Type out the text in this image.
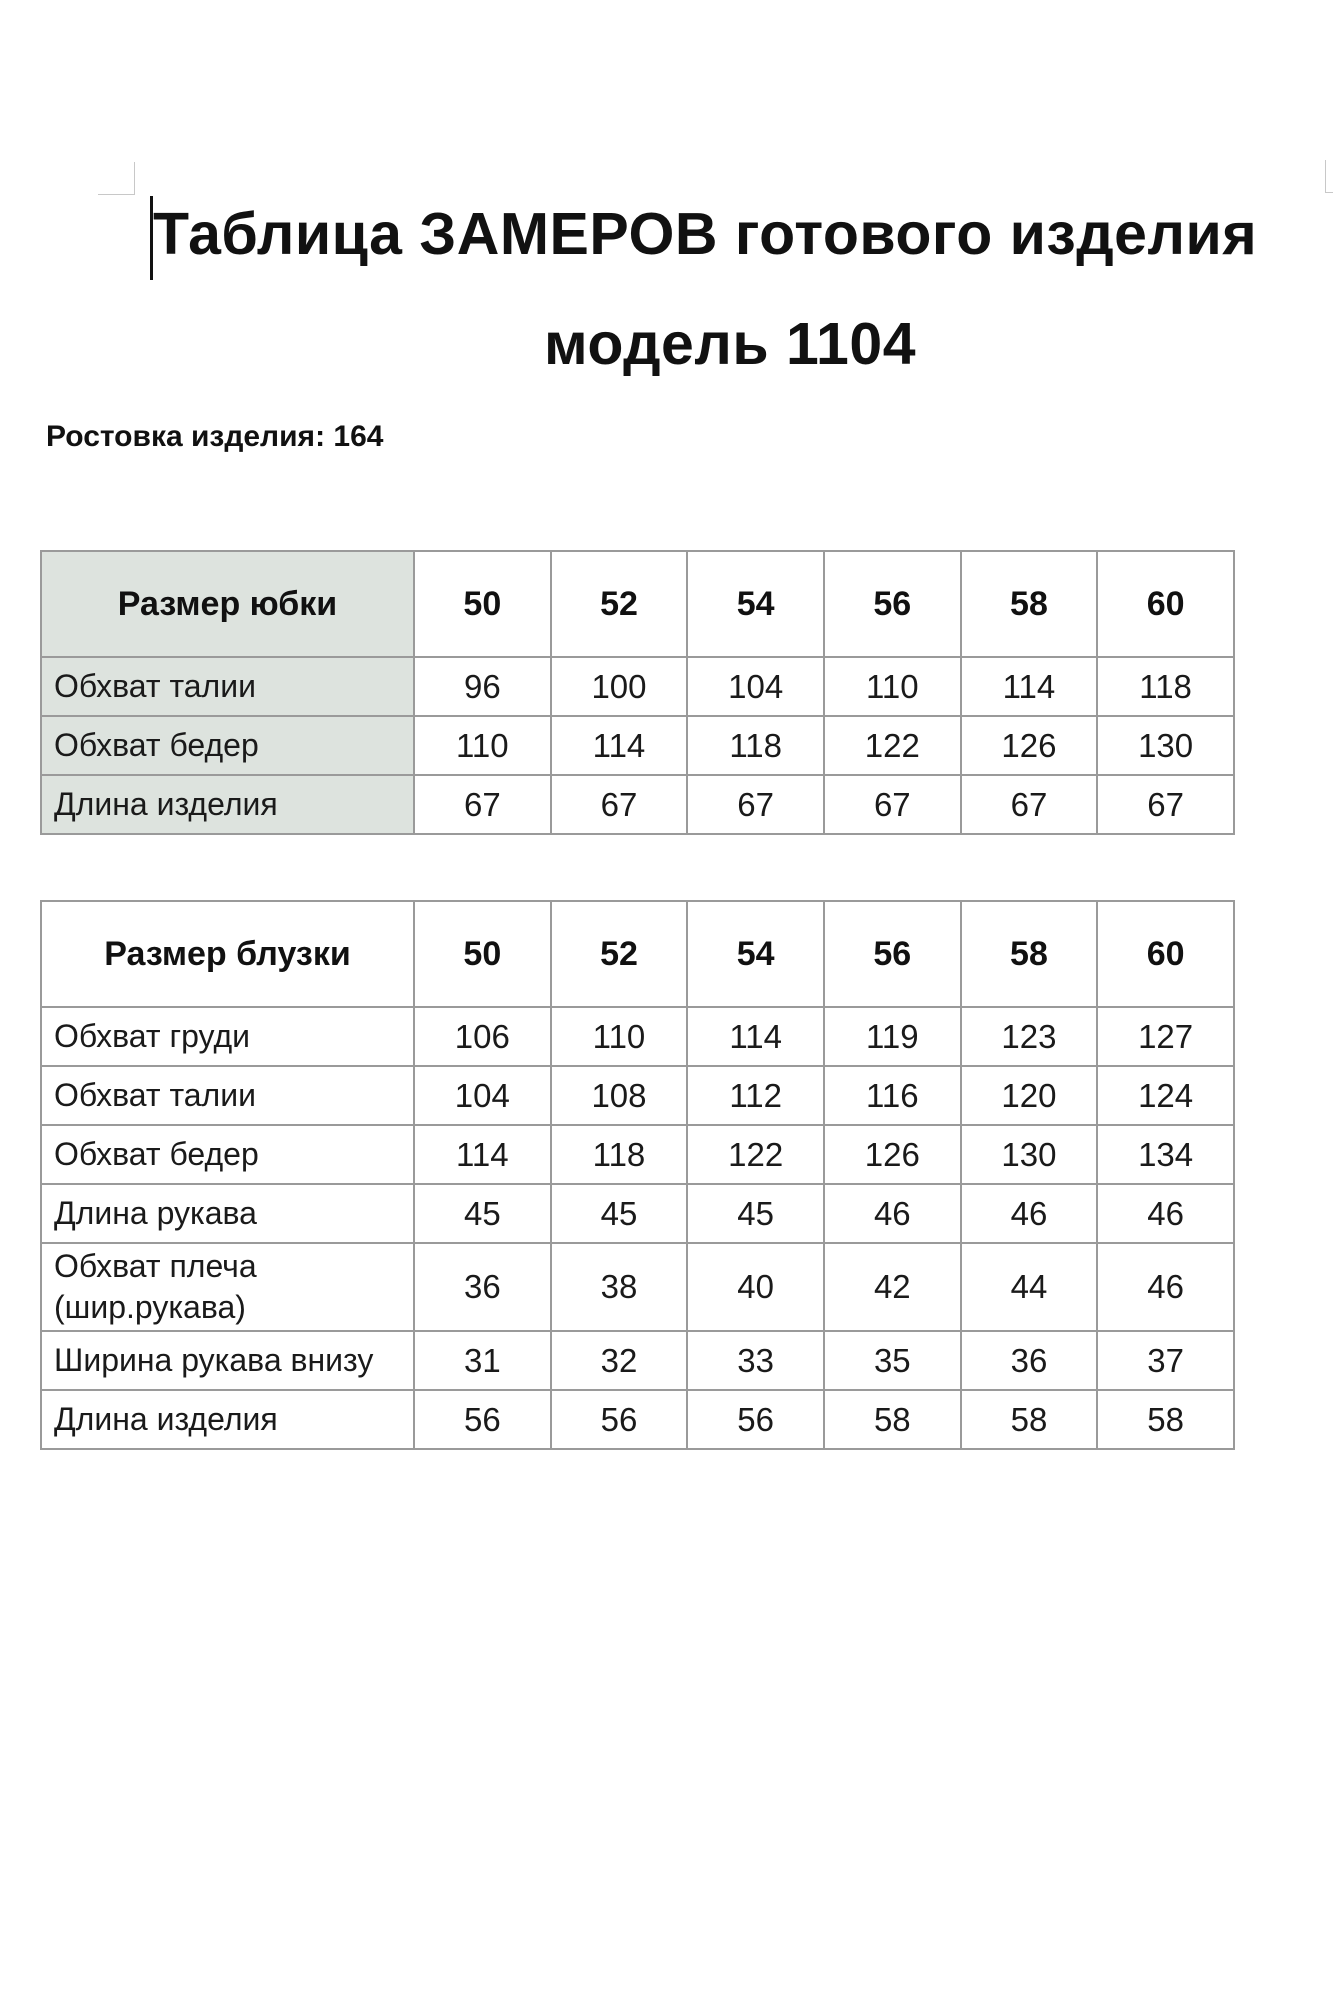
Таблица ЗАМЕРОВ готового изделия
модель 1104
Ростовка изделия: 164
Размер юбки	50	52	54	56	58	60
Обхват талии	96	100	104	110	114	118
Обхват бедер	110	114	118	122	126	130
Длина изделия	67	67	67	67	67	67
Размер блузки	50	52	54	56	58	60
Обхват груди	106	110	114	119	123	127
Обхват талии	104	108	112	116	120	124
Обхват бедер	114	118	122	126	130	134
Длина рукава	45	45	45	46	46	46
Обхват плеча
(шир.рукава)	36	38	40	42	44	46
Ширина рукава внизу	31	32	33	35	36	37
Длина изделия	56	56	56	58	58	58
